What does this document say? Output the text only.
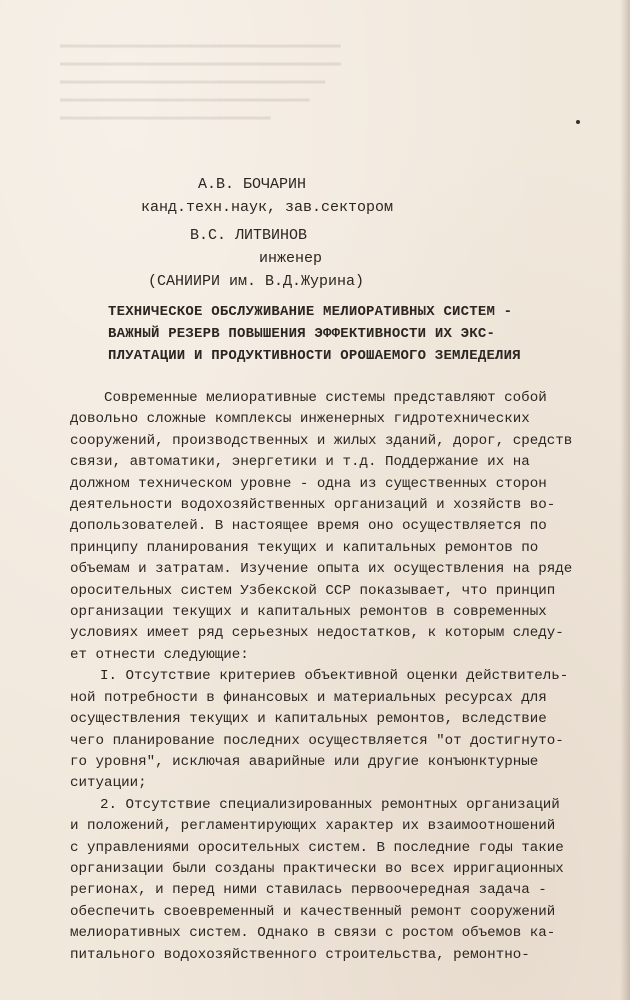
▬▬▬▬▬▬▬▬▬▬▬▬▬▬▬▬▬▬▬▬▬▬▬▬▬▬▬▬▬▬▬▬▬▬▬▬
▬▬▬▬▬▬▬▬▬▬▬▬▬▬▬▬▬▬▬▬▬▬▬▬▬▬▬▬▬▬▬▬▬▬▬▬
▬▬▬▬▬▬▬▬▬▬▬▬▬▬▬▬▬▬▬▬▬▬▬▬▬▬▬▬▬▬▬▬▬▬
▬▬▬▬▬▬▬▬▬▬▬▬▬▬▬▬▬▬▬▬▬▬▬▬▬▬▬▬▬▬▬▬
▬▬▬▬▬▬▬▬▬▬▬▬▬▬▬▬▬▬▬▬▬▬▬▬▬▬▬
А.В. БОЧАРИН
канд.техн.наук, зав.сектором
В.С. ЛИТВИНОВ
инженер
(САНИИРИ им. В.Д.Журина)
ТЕХНИЧЕСКОЕ ОБСЛУЖИВАНИЕ МЕЛИОРАТИВНЫХ СИСТЕМ -
ВАЖНЫЙ РЕЗЕРВ ПОВЫШЕНИЯ ЭФФЕКТИВНОСТИ ИХ ЭКС-
ПЛУАТАЦИИ И ПРОДУКТИВНОСТИ ОРОШАЕМОГО ЗЕМЛЕДЕЛИЯ
Современные мелиоративные системы представляют собой
довольно сложные комплексы инженерных гидротехнических
сооружений, производственных и жилых зданий, дорог, средств
связи, автоматики, энергетики и т.д. Поддержание их на
должном техническом уровне - одна из существенных сторон
деятельности водохозяйственных организаций и хозяйств во-
допользователей. В настоящее время оно осуществляется по
принципу планирования текущих и капитальных ремонтов по
объемам и затратам. Изучение опыта их осуществления на ряде
оросительных систем Узбекской ССР показывает, что принцип
организации текущих и капитальных ремонтов в современных
условиях имеет ряд серьезных недостатков, к которым следу-
ет отнести следующие:
I. Отсутствие критериев объективной оценки действитель-
ной потребности в финансовых и материальных ресурсах для
осуществления текущих и капитальных ремонтов, вследствие
чего планирование последних осуществляется "от достигнуто-
го уровня", исключая аварийные или другие конъюнктурные
ситуации;
2. Отсутствие специализированных ремонтных организаций
и положений, регламентирующих характер их взаимоотношений
с управлениями оросительных систем. В последние годы такие
организации были созданы практически во всех ирригационных
регионах, и перед ними ставилась первоочередная задача -
обеспечить своевременный и качественный ремонт сооружений
мелиоративных систем. Однако в связи с ростом объемов ка-
питального водохозяйственного строительства, ремонтно-
